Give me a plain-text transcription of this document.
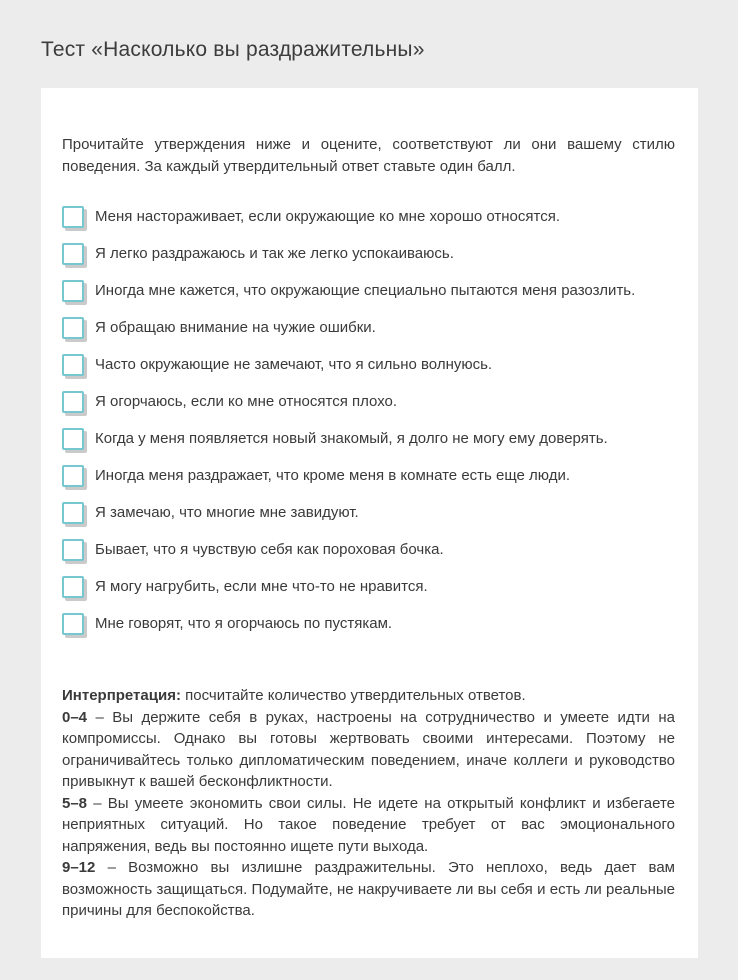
Тест «Насколько вы раздражительны»

Прочитайте утверждения ниже и оцените, соответствуют ли они вашему стилю поведения. За каждый утвердительный ответ ставьте один балл.

Меня настораживает, если окружающие ко мне хорошо относятся.
Я легко раздражаюсь и так же легко успокаиваюсь.
Иногда мне кажется, что окружающие специально пытаются меня разозлить.
Я обращаю внимание на чужие ошибки.
Часто окружающие не замечают, что я сильно волнуюсь.
Я огорчаюсь, если ко мне относятся плохо.
Когда у меня появляется новый знакомый, я долго не могу ему доверять.
Иногда меня раздражает, что кроме меня в комнате есть еще люди.
Я замечаю, что многие мне завидуют.
Бывает, что я чувствую себя как пороховая бочка.
Я могу нагрубить, если мне что-то не нравится.
Мне говорят, что я огорчаюсь по пустякам.

Интерпретация: посчитайте количество утвердительных ответов.

0–4 – Вы держите себя в руках, настроены на сотрудничество и умеете идти на компромиссы. Однако вы готовы жертвовать своими интересами. Поэтому не ограничивайтесь только дипломатическим поведением, иначе коллеги и руководство привыкнут к вашей бесконфликтности.

5–8 – Вы умеете экономить свои силы. Не идете на открытый конфликт и избегаете неприятных ситуаций. Но такое поведение требует от вас эмоционального напряжения, ведь вы постоянно ищете пути выхода.

9–12 – Возможно вы излишне раздражительны. Это неплохо, ведь дает вам возможность защищаться. Подумайте, не накручиваете ли вы себя и есть ли реальные причины для беспокойства.
